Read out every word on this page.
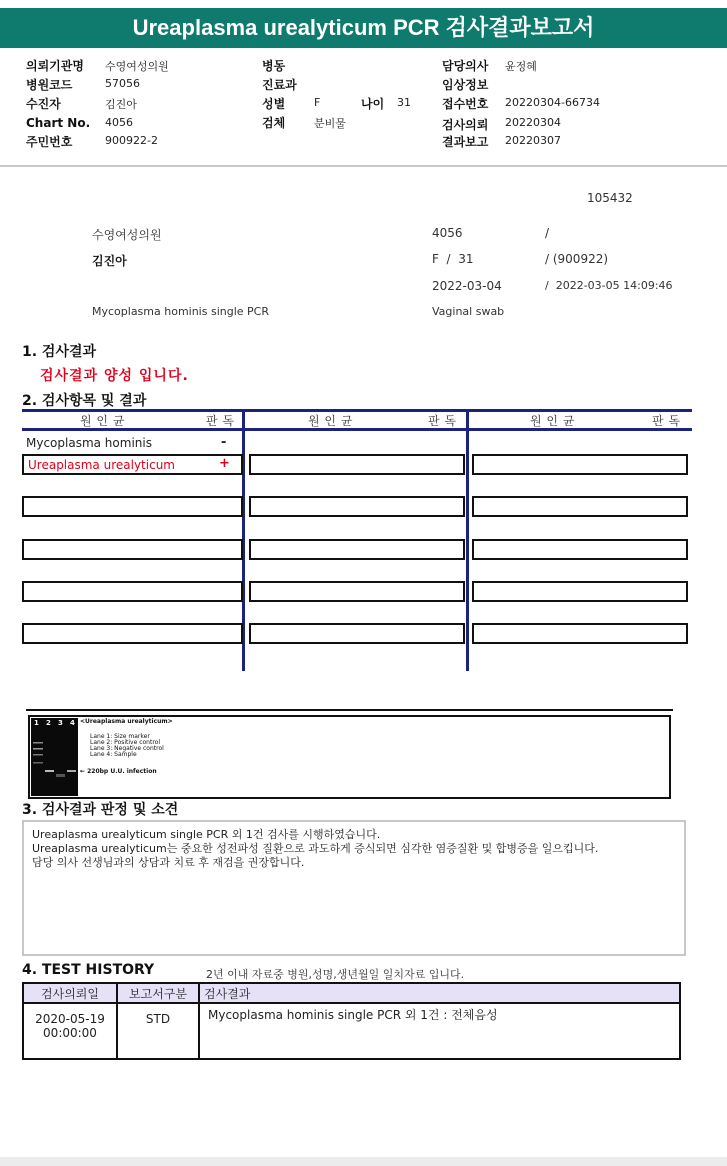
Ureaplasma urealyticum PCR 검사결과보고서
의뢰기관명 수영여성의원
병원코드	57056
수진자	김진아
Chart No. 4056
주민번호	900922-2
병동
진료과
성별	F	나이 31
검체	분비물
담당의사 윤정혜
임상정보
접수번호 20220304-66734
검사의뢰 20220304
결과보고 20220307
105432
수영여성의원	4056	/
김진아	F  /  31	/ (900922)
2022-03-04	/  2022-03-05 14:09:46
Mycoplasma hominis single PCR	Vaginal swab
1. 검사결과
검사결과 양성 입니다.
2. 검사항목 및 결과
원 인 균	판 독	원 인 균	판 독	원 인 균	판 독
Mycoplasma hominis	-
Ureaplasma urealyticum	+
1 2 3 4 <Ureaplasma urealyticum>
Lane 1: Size marker
Lane 2: Positive control
Lane 3: Negative control
Lane 4: Sample
← 220bp U.U. infection
3. 검사결과 판정 및 소견
Ureaplasma urealyticum single PCR 외 1건 검사를 시행하였습니다.
Ureaplasma urealyticum는 중요한 성전파성 질환으로 과도하게 증식되면 심각한 염증질환 및 합병증을 일으킵니다.
담당 의사 선생님과의 상담과 치료 후 재검을 권장합니다.
4. TEST HISTORY	2년 이내 자료중 병원,성명,생년월일 일치자료 입니다.
검사의뢰일	보고서구분	검사결과

2020-05-19
00:00:00	STD	Mycoplasma hominis single PCR 외 1건 : 전체음성
